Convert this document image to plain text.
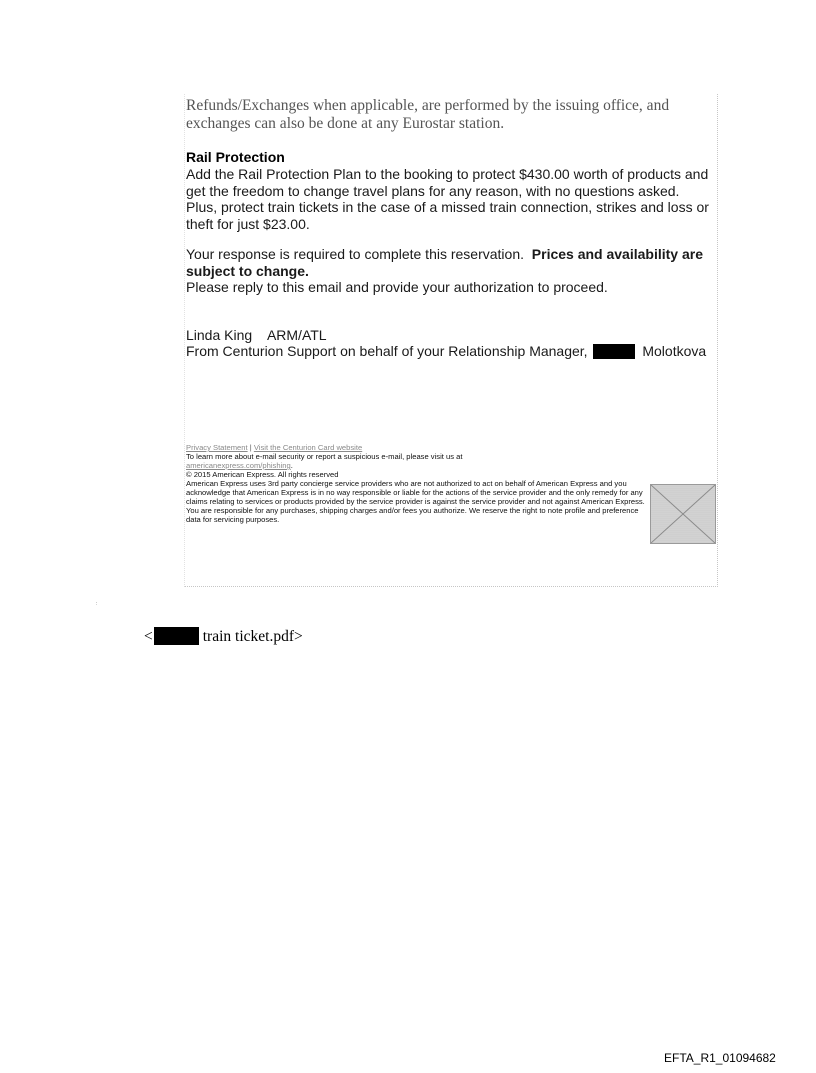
Refunds/Exchanges when applicable, are performed by the issuing office, and exchanges can also be done at any Eurostar station.

Rail Protection

Add the Rail Protection Plan to the booking to protect $430.00 worth of products and get the freedom to change travel plans for any reason, with no questions asked. Plus, protect train tickets in the case of a missed train connection, strikes and loss or theft for just $23.00.

Your response is required to complete this reservation. Prices and availability are subject to change.

Please reply to this email and provide your authorization to proceed.

Linda King    ARM/ATL

From Centurion Support on behalf of your Relationship Manager,	Molotkova

Privacy Statement | Visit the Centurion Card website

To learn more about e-mail security or report a suspicious e-mail, please visit us at
americanexpress.com/phishing.

© 2015 American Express. All rights reserved

American Express uses 3rd party concierge service providers who are not authorized to act on behalf of American Express and you acknowledge that American Express is in no way responsible or liable for the actions of the service provider and the only remedy for any claims relating to services or products provided by the service provider is against the service provider and not against American Express. You are responsible for any purchases, shipping charges and/or fees you authorize. We reserve the right to note profile and preference data for servicing purposes.

:
<	train ticket.pdf>
EFTA_R1_01094682
